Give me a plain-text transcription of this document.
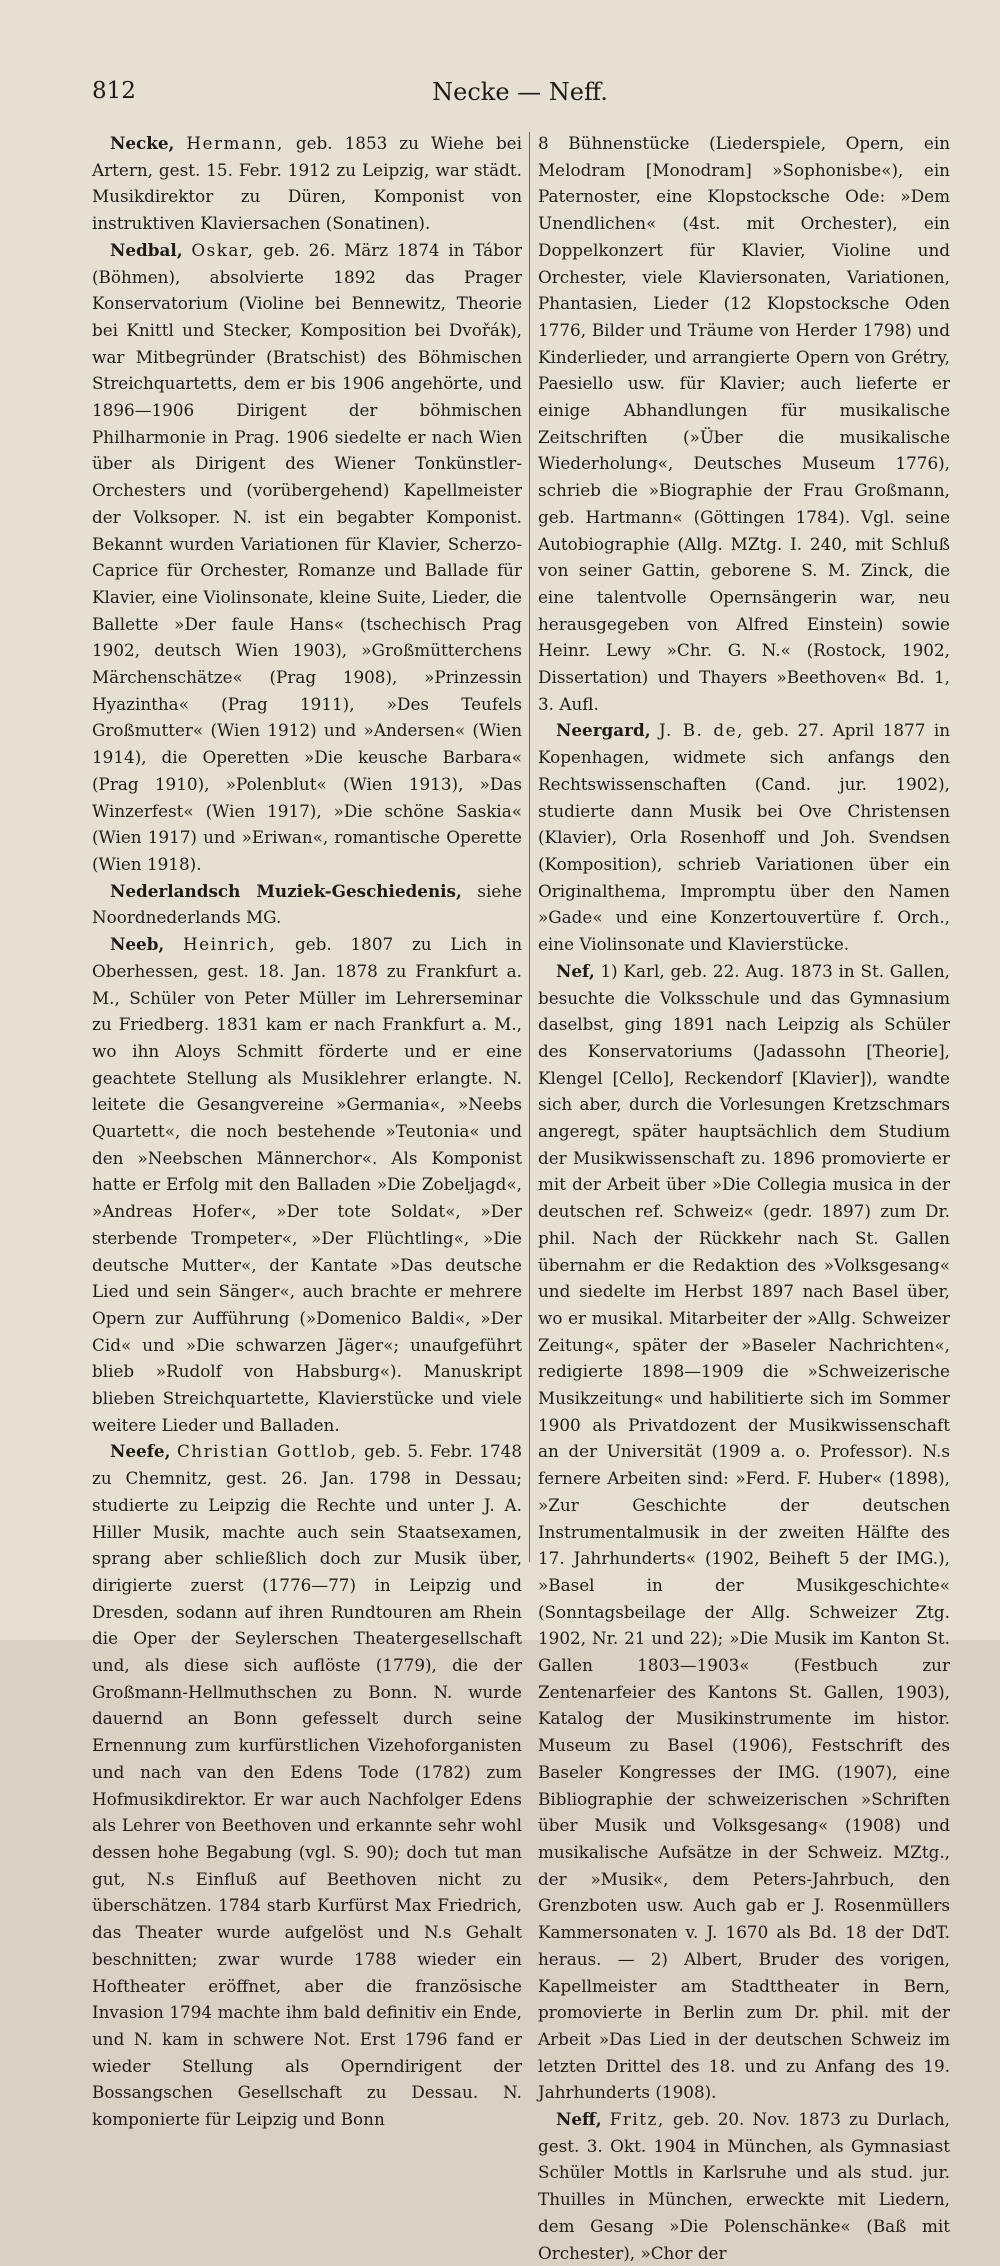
812	Necke — Neff.

Necke, Hermann, geb. 1853 zu Wiehe bei Artern, gest. 15. Febr. 1912 zu Leipzig, war städt. Musikdirektor zu Düren, Komponist von instruktiven Klaviersachen (Sonatinen).

Nedbal, Oskar, geb. 26. März 1874 in Tábor (Böhmen), absolvierte 1892 das Prager Konservatorium (Violine bei Bennewitz, Theorie bei Knittl und Stecker, Komposition bei Dvořák), war Mitbegründer (Bratschist) des Böhmischen Streichquartetts, dem er bis 1906 angehörte, und 1896—1906 Dirigent der böhmischen Philharmonie in Prag. 1906 siedelte er nach Wien über als Dirigent des Wiener Tonkünstler-Orchesters und (vorübergehend) Kapellmeister der Volksoper. N. ist ein begabter Komponist. Bekannt wurden Variationen für Klavier, Scherzo-Caprice für Orchester, Romanze und Ballade für Klavier, eine Violinsonate, kleine Suite, Lieder, die Ballette »Der faule Hans« (tschechisch Prag 1902, deutsch Wien 1903), »Großmütterchens Märchenschätze« (Prag 1908), »Prinzessin Hyazintha« (Prag 1911), »Des Teufels Großmutter« (Wien 1912) und »Andersen« (Wien 1914), die Operetten »Die keusche Barbara« (Prag 1910), »Polenblut« (Wien 1913), »Das Winzerfest« (Wien 1917), »Die schöne Saskia« (Wien 1917) und »Eriwan«, romantische Operette (Wien 1918).

Nederlandsch Muziek-Geschiedenis, siehe Noordnederlands MG.

Neeb, Heinrich, geb. 1807 zu Lich in Oberhessen, gest. 18. Jan. 1878 zu Frankfurt a. M., Schüler von Peter Müller im Lehrerseminar zu Friedberg. 1831 kam er nach Frankfurt a. M., wo ihn Aloys Schmitt förderte und er eine geachtete Stellung als Musiklehrer erlangte. N. leitete die Gesangvereine »Germania«, »Neebs Quartett«, die noch bestehende »Teutonia« und den »Neebschen Männerchor«. Als Komponist hatte er Erfolg mit den Balladen »Die Zobeljagd«, »Andreas Hofer«, »Der tote Soldat«, »Der sterbende Trompeter«, »Der Flüchtling«, »Die deutsche Mutter«, der Kantate »Das deutsche Lied und sein Sänger«, auch brachte er mehrere Opern zur Aufführung (»Domenico Baldi«, »Der Cid« und »Die schwarzen Jäger«; unaufgeführt blieb »Rudolf von Habsburg«). Manuskript blieben Streichquartette, Klavierstücke und viele weitere Lieder und Balladen.

Neefe, Christian Gottlob, geb. 5. Febr. 1748 zu Chemnitz, gest. 26. Jan. 1798 in Dessau; studierte zu Leipzig die Rechte und unter J. A. Hiller Musik, machte auch sein Staatsexamen, sprang aber schließlich doch zur Musik über, dirigierte zuerst (1776—77) in Leipzig und Dresden, sodann auf ihren Rundtouren am Rhein die Oper der Seylerschen Theatergesellschaft und, als diese sich auflöste (1779), die der Großmann-Hellmuthschen zu Bonn. N. wurde dauernd an Bonn gefesselt durch seine Ernennung zum kurfürstlichen Vizehoforganisten und nach van den Edens Tode (1782) zum Hofmusikdirektor. Er war auch Nachfolger Edens als Lehrer von Beethoven und erkannte sehr wohl dessen hohe Begabung (vgl. S. 90); doch tut man gut, N.s Einfluß auf Beethoven nicht zu überschätzen. 1784 starb Kurfürst Max Friedrich, das Theater wurde aufgelöst und N.s Gehalt beschnitten; zwar wurde 1788 wieder ein Hoftheater eröffnet, aber die französische Invasion 1794 machte ihm bald definitiv ein Ende, und N. kam in schwere Not. Erst 1796 fand er wieder Stellung als Operndirigent der Bossangschen Gesellschaft zu Dessau. N. komponierte für Leipzig und Bonn

8 Bühnenstücke (Liederspiele, Opern, ein Melodram [Monodram] »Sophonisbe«), ein Paternoster, eine Klopstocksche Ode: »Dem Unendlichen« (4st. mit Orchester), ein Doppelkonzert für Klavier, Violine und Orchester, viele Klaviersonaten, Variationen, Phantasien, Lieder (12 Klopstocksche Oden 1776, Bilder und Träume von Herder 1798) und Kinderlieder, und arrangierte Opern von Grétry, Paesiello usw. für Klavier; auch lieferte er einige Abhandlungen für musikalische Zeitschriften (»Über die musikalische Wiederholung«, Deutsches Museum 1776), schrieb die »Biographie der Frau Großmann, geb. Hartmann« (Göttingen 1784). Vgl. seine Autobiographie (Allg. MZtg. I. 240, mit Schluß von seiner Gattin, geborene S. M. Zinck, die eine talentvolle Opernsängerin war, neu herausgegeben von Alfred Einstein) sowie Heinr. Lewy »Chr. G. N.« (Rostock, 1902, Dissertation) und Thayers »Beethoven« Bd. 1, 3. Aufl.

Neergard, J. B. de, geb. 27. April 1877 in Kopenhagen, widmete sich anfangs den Rechtswissenschaften (Cand. jur. 1902), studierte dann Musik bei Ove Christensen (Klavier), Orla Rosenhoff und Joh. Svendsen (Komposition), schrieb Variationen über ein Originalthema, Impromptu über den Namen »Gade« und eine Konzertouvertüre f. Orch., eine Violinsonate und Klavierstücke.

Nef, 1) Karl, geb. 22. Aug. 1873 in St. Gallen, besuchte die Volksschule und das Gymnasium daselbst, ging 1891 nach Leipzig als Schüler des Konservatoriums (Jadassohn [Theorie], Klengel [Cello], Reckendorf [Klavier]), wandte sich aber, durch die Vorlesungen Kretzschmars angeregt, später hauptsächlich dem Studium der Musikwissenschaft zu. 1896 promovierte er mit der Arbeit über »Die Collegia musica in der deutschen ref. Schweiz« (gedr. 1897) zum Dr. phil. Nach der Rückkehr nach St. Gallen übernahm er die Redaktion des »Volksgesang« und siedelte im Herbst 1897 nach Basel über, wo er musikal. Mitarbeiter der »Allg. Schweizer Zeitung«, später der »Baseler Nachrichten«, redigierte 1898—1909 die »Schweizerische Musikzeitung« und habilitierte sich im Sommer 1900 als Privatdozent der Musikwissenschaft an der Universität (1909 a. o. Professor). N.s fernere Arbeiten sind: »Ferd. F. Huber« (1898), »Zur Geschichte der deutschen Instrumentalmusik in der zweiten Hälfte des 17. Jahrhunderts« (1902, Beiheft 5 der IMG.), »Basel in der Musikgeschichte« (Sonntagsbeilage der Allg. Schweizer Ztg. 1902, Nr. 21 und 22); »Die Musik im Kanton St. Gallen 1803—1903« (Festbuch zur Zentenarfeier des Kantons St. Gallen, 1903), Katalog der Musikinstrumente im histor. Museum zu Basel (1906), Festschrift des Baseler Kongresses der IMG. (1907), eine Bibliographie der schweizerischen »Schriften über Musik und Volksgesang« (1908) und musikalische Aufsätze in der Schweiz. MZtg., der »Musik«, dem Peters-Jahrbuch, den Grenzboten usw. Auch gab er J. Rosenmüllers Kammersonaten v. J. 1670 als Bd. 18 der DdT. heraus. — 2) Albert, Bruder des vorigen, Kapellmeister am Stadttheater in Bern, promovierte in Berlin zum Dr. phil. mit der Arbeit »Das Lied in der deutschen Schweiz im letzten Drittel des 18. und zu Anfang des 19. Jahrhunderts (1908).

Neff, Fritz, geb. 20. Nov. 1873 zu Durlach, gest. 3. Okt. 1904 in München, als Gymnasiast Schüler Mottls in Karlsruhe und als stud. jur. Thuilles in München, erweckte mit Liedern, dem Gesang »Die Polenschänke« (Baß mit Orchester), »Chor der
